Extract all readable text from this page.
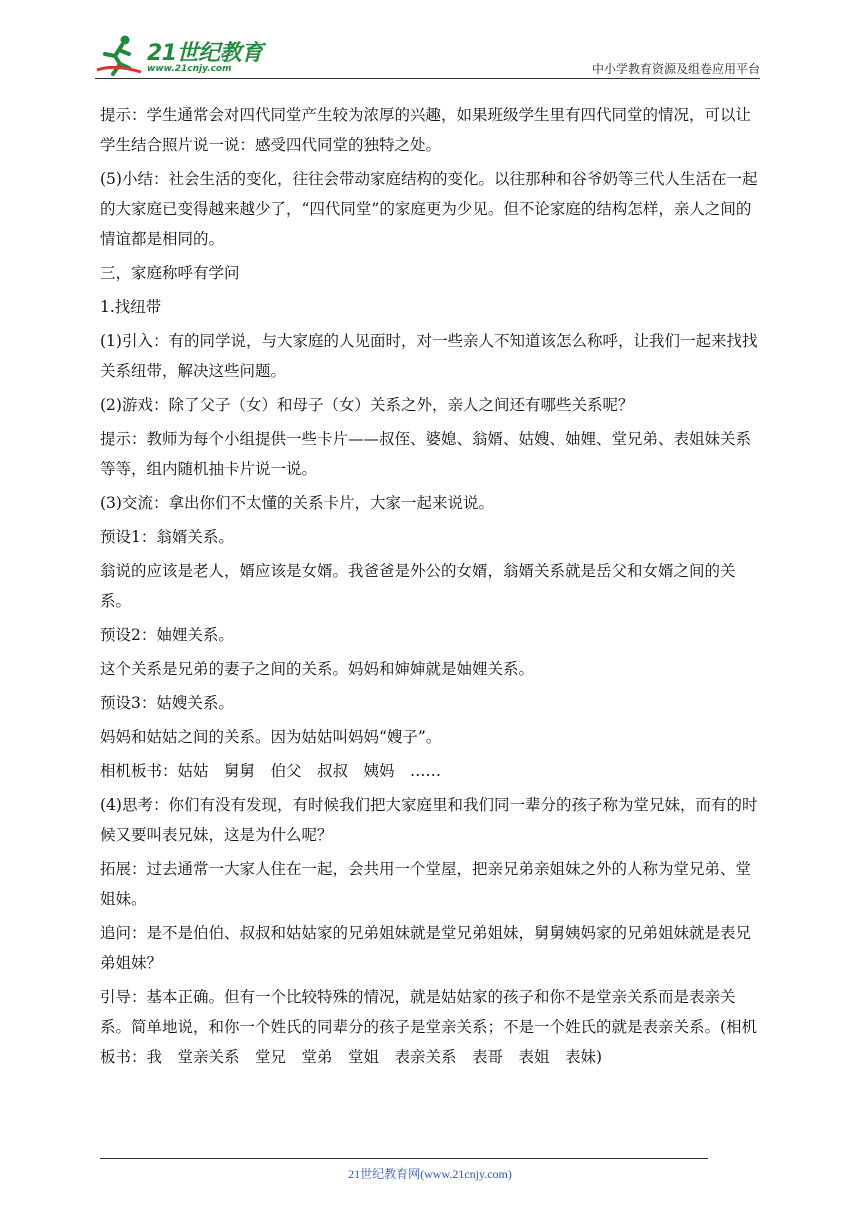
21世纪教育
www.21cnjy.com	中小学教育资源及组卷应用平台

提示：学生通常会对四代同堂产生较为浓厚的兴趣，如果班级学生里有四代同堂的情况，可以让学生结合照片说一说：感受四代同堂的独特之处。

(5)小结：社会生活的变化，往往会带动家庭结构的变化。以往那种和谷爷奶等三代人生活在一起的大家庭已变得越来越少了，“四代同堂”的家庭更为少见。但不论家庭的结构怎样，亲人之间的情谊都是相同的。

三，家庭称呼有学问

1.找纽带

(1)引入：有的同学说，与大家庭的人见面时，对一些亲人不知道该怎么称呼，让我们一起来找找关系纽带，解决这些问题。

(2)游戏：除了父子（女）和母子（女）关系之外，亲人之间还有哪些关系呢？

提示：教师为每个小组提供一些卡片——叔侄、婆媳、翁婿、姑嫂、妯娌、堂兄弟、表姐妹关系等等，组内随机抽卡片说一说。

(3)交流：拿出你们不太懂的关系卡片，大家一起来说说。

预设1：翁婿关系。

翁说的应该是老人，婿应该是女婿。我爸爸是外公的女婿，翁婿关系就是岳父和女婿之间的关系。

预设2：妯娌关系。

这个关系是兄弟的妻子之间的关系。妈妈和婶婶就是妯娌关系。

预设3：姑嫂关系。

妈妈和姑姑之间的关系。因为姑姑叫妈妈“嫂子”。

相机板书：姑姑　舅舅　伯父　叔叔　姨妈　……

(4)思考：你们有没有发现，有时候我们把大家庭里和我们同一辈分的孩子称为堂兄妹，而有的时候又要叫表兄妹，这是为什么呢？

拓展：过去通常一大家人住在一起，会共用一个堂屋，把亲兄弟亲姐妹之外的人称为堂兄弟、堂姐妹。

追问：是不是伯伯、叔叔和姑姑家的兄弟姐妹就是堂兄弟姐妹，舅舅姨妈家的兄弟姐妹就是表兄弟姐妹？

引导：基本正确。但有一个比较特殊的情况，就是姑姑家的孩子和你不是堂亲关系而是表亲关系。简单地说，和你一个姓氏的同辈分的孩子是堂亲关系；不是一个姓氏的就是表亲关系。(相机板书：我　堂亲关系　堂兄　堂弟　堂姐　表亲关系　表哥　表姐　表妹)

21世纪教育网(www.21cnjy.com)
